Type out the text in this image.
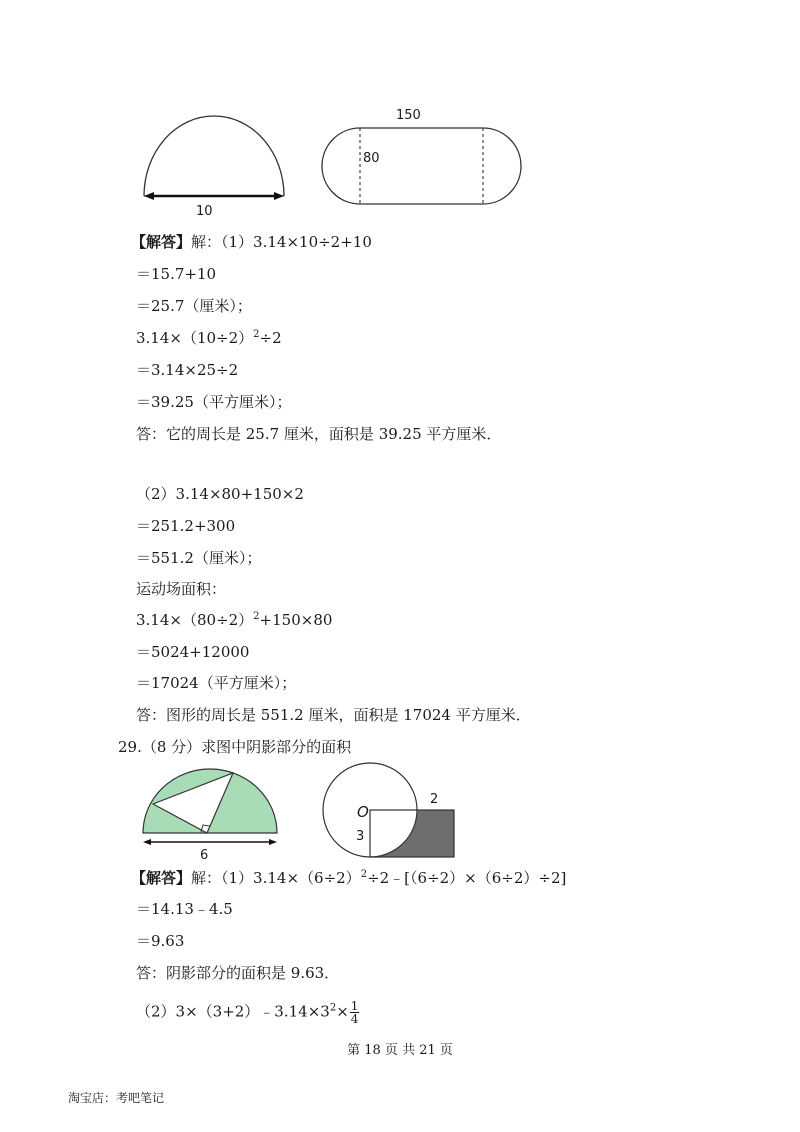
10
150
80
【解答】解：（1）3.14×10÷2+10
＝15.7+10
＝25.7（厘米）；
$3.14\times(10\div 2)^2\div 2$
＝3.14×25÷2
＝39.25（平方厘米）；
答：它的周长是 25.7 厘米，面积是 39.25 平方厘米．
（2）3.14×80+150×2
＝251.2+300
＝551.2（厘米）；
运动场面积：
$3.14\times(80\div 2)^2+150\times 80$
＝5024+12000
＝17024（平方厘米）；
答：图形的周长是 551.2 厘米，面积是 17024 平方厘米．
29.（8 分）求图中阴影部分的面积
6
O
2
3
【解答】解：$(1)3.14\times(6\div 2)^2\div 2﹣[(6\div 2)\times(6\div 2)\div 2]$
＝14.13﹣4.5
＝9.63
答：阴影部分的面积是 9.63．
$(2)3\times(3+2)﹣3.14\times 3^2\times \frac{1}{4}$
第 18 页 共 21 页
淘宝店：考吧笔记
